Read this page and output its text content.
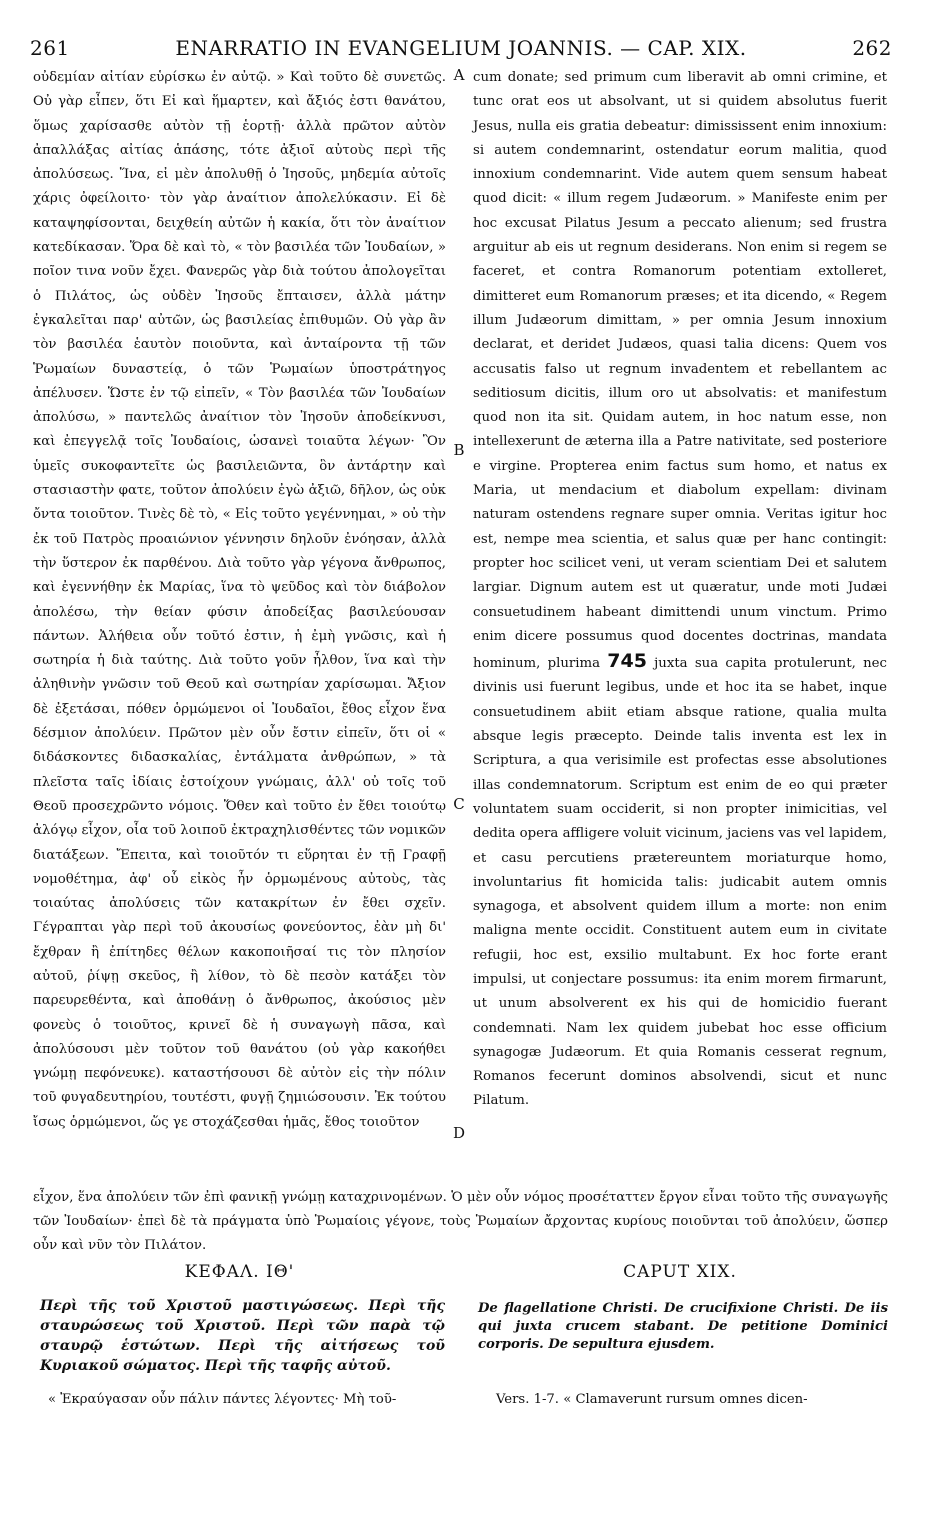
261	ENARRATIO IN EVANGELIUM JOANNIS. — CAP. XIX.	262

οὐδεμίαν αἰτίαν εὑρίσκω ἐν αὐτῷ. » Καὶ τοῦτο δὲ συνετῶς. Οὐ γὰρ εἶπεν, ὅτι Εἰ καὶ ἥμαρτεν, καὶ ἄξιός ἐστι θανάτου, ὅμως χαρίσασθε αὐτὸν τῇ ἑορτῇ· ἀλλὰ πρῶτον αὐτὸν ἀπαλλάξας αἰτίας ἁπάσης, τότε ἀξιοῖ αὐτοὺς περὶ τῆς ἀπολύσεως. Ἵνα, εἰ μὲν ἀπολυθῇ ὁ Ἰησοῦς, μηδεμία αὐτοῖς χάρις ὀφείλοιτο· τὸν γὰρ ἀναίτιον ἀπολελύκασιν. Εἰ δὲ καταψηφίσονται, δειχθείη αὐτῶν ἡ κακία, ὅτι τὸν ἀναίτιον κατεδίκασαν. Ὅρα δὲ καὶ τὸ, « τὸν βασιλέα τῶν Ἰουδαίων, » ποῖον τινα νοῦν ἔχει. Φανερῶς γὰρ διὰ τούτου ἀπολογεῖται ὁ Πιλάτος, ὡς οὐδὲν Ἰησοῦς ἔπταισεν, ἀλλὰ μάτην ἐγκαλεῖται παρ' αὐτῶν, ὡς βασιλείας ἐπιθυμῶν. Οὐ γὰρ ἂν τὸν βασιλέα ἑαυτὸν ποιοῦντα, καὶ ἀνταίροντα τῇ τῶν Ῥωμαίων δυναστείᾳ, ὁ τῶν Ῥωμαίων ὑποστράτηγος ἀπέλυσεν. Ὥστε ἐν τῷ εἰπεῖν, « Τὸν βασιλέα τῶν Ἰουδαίων ἀπολύσω, » παντελῶς ἀναίτιον τὸν Ἰησοῦν ἀποδείκνυσι, καὶ ἐπεγγελᾷ τοῖς Ἰουδαίοις, ὡσανεὶ τοιαῦτα λέγων· Ὃν ὑμεῖς συκοφαντεῖτε ὡς βασιλειῶντα, ὃν ἀντάρτην καὶ στασιαστὴν φατε, τοῦτον ἀπολύειν ἐγὼ ἀξιῶ, δῆλον, ὡς οὐκ ὄντα τοιοῦτον. Τινὲς δὲ τὸ, « Εἰς τοῦτο γεγέννημαι, » οὐ τὴν ἐκ τοῦ Πατρὸς προαιώνιον γέννησιν δηλοῦν ἐνόησαν, ἀλλὰ τὴν ὕστερον ἐκ παρθένου. Διὰ τοῦτο γὰρ γέγονα ἄνθρωπος, καὶ ἐγεννήθην ἐκ Μαρίας, ἵνα τὸ ψεῦδος καὶ τὸν διάβολον ἀπολέσω, τὴν θείαν φύσιν ἀποδείξας βασιλεύουσαν πάντων. Ἀλήθεια οὖν τοῦτό ἐστιν, ἡ ἐμὴ γνῶσις, καὶ ἡ σωτηρία ἡ διὰ ταύτης. Διὰ τοῦτο γοῦν ἦλθον, ἵνα καὶ τὴν ἀληθινὴν γνῶσιν τοῦ Θεοῦ καὶ σωτηρίαν χαρίσωμαι. Ἄξιον δὲ ἐξετάσαι, πόθεν ὁρμώμενοι οἱ Ἰουδαῖοι, ἔθος εἶχον ἕνα δέσμιον ἀπολύειν. Πρῶτον μὲν οὖν ἔστιν εἰπεῖν, ὅτι οἱ « διδάσκοντες διδασκαλίας, ἐντάλματα ἀνθρώπων, » τὰ πλεῖστα ταῖς ἰδίαις ἐστοίχουν γνώμαις, ἀλλ' οὐ τοῖς τοῦ Θεοῦ προσεχρῶντο νόμοις. Ὅθεν καὶ τοῦτο ἐν ἔθει τοιούτῳ ἀλόγῳ εἶχον, οἷα τοῦ λοιποῦ ἐκτραχηλισθέντες τῶν νομικῶν διατάξεων. Ἔπειτα, καὶ τοιοῦτόν τι εὕρηται ἐν τῇ Γραφῇ νομοθέτημα, ἀφ' οὗ εἰκὸς ἦν ὁρμωμένους αὐτοὺς, τὰς τοιαύτας ἀπολύσεις τῶν κατακρίτων ἐν ἔθει σχεῖν. Γέγραπται γὰρ περὶ τοῦ ἀκουσίως φονεύοντος, ἐὰν μὴ δι' ἔχθραν ἢ ἐπίτηδες θέλων κακοποιῆσαί τις τὸν πλησίον αὐτοῦ, ῥίψῃ σκεῦος, ἢ λίθον, τὸ δὲ πεσὸν κατάξει τὸν παρευρεθέντα, καὶ ἀποθάνῃ ὁ ἄνθρωπος, ἀκούσιος μὲν φονεὺς ὁ τοιοῦτος, κρινεῖ δὲ ἡ συναγωγὴ πᾶσα, καὶ ἀπολύσουσι μὲν τοῦτον τοῦ θανάτου (οὐ γὰρ κακοήθει γνώμῃ πεφόνευκε). καταστήσουσι δὲ αὐτὸν εἰς τὴν πόλιν τοῦ φυγαδευτηρίου, τουτέστι, φυγῇ ζημιώσουσιν. Ἐκ τούτου ἴσως ὁρμώμενοι, ὥς γε στοχάζεσθαι ἡμᾶς, ἔθος τοιοῦτον

A
B
C
D

cum donate; sed primum cum liberavit ab omni crimine, et tunc orat eos ut absolvant, ut si quidem absolutus fuerit Jesus, nulla eis gratia debeatur: dimississent enim innoxium: si autem condemnarint, ostendatur eorum malitia, quod innoxium condemnarint. Vide autem quem sensum habeat quod dicit: « illum regem Judæorum. » Manifeste enim per hoc excusat Pilatus Jesum a peccato alienum; sed frustra arguitur ab eis ut regnum desiderans. Non enim si regem se faceret, et contra Romanorum potentiam extolleret, dimitteret eum Romanorum præses; et ita dicendo, « Regem illum Judæorum dimittam, » per omnia Jesum innoxium declarat, et deridet Judæos, quasi talia dicens: Quem vos accusatis falso ut regnum invadentem et rebellantem ac seditiosum dicitis, illum oro ut absolvatis: et manifestum quod non ita sit. Quidam autem, in hoc natum esse, non intellexerunt de æterna illa a Patre nativitate, sed posteriore e virgine. Propterea enim factus sum homo, et natus ex Maria, ut mendacium et diabolum expellam: divinam naturam ostendens regnare super omnia. Veritas igitur hoc est, nempe mea scientia, et salus quæ per hanc contingit: propter hoc scilicet veni, ut veram scientiam Dei et salutem largiar. Dignum autem est ut quæratur, unde moti Judæi consuetudinem habeant dimittendi unum vinctum. Primo enim dicere possumus quod docentes doctrinas, mandata hominum, plurima 745 juxta sua capita protulerunt, nec divinis usi fuerunt legibus, unde et hoc ita se habet, inque consuetudinem abiit etiam absque ratione, qualia multa absque legis præcepto. Deinde talis inventa est lex in Scriptura, a qua verisimile est profectas esse absolutiones illas condemnatorum. Scriptum est enim de eo qui præter voluntatem suam occiderit, si non propter inimicitias, vel dedita opera affligere voluit vicinum, jaciens vas vel lapidem, et casu percutiens prætereuntem moriaturque homo, involuntarius fit homicida talis: judicabit autem omnis synagoga, et absolvent quidem illum a morte: non enim maligna mente occidit. Constituent autem eum in civitate refugii, hoc est, exsilio multabunt. Ex hoc forte erant impulsi, ut conjectare possumus: ita enim morem firmarunt, ut unum absolverent ex his qui de homicidio fuerant condemnati. Nam lex quidem jubebat hoc esse officium synagogæ Judæorum. Et quia Romanis cesserat regnum, Romanos fecerunt dominos absolvendi, sicut et nunc Pilatum.

εἶχον, ἕνα ἀπολύειν τῶν ἐπὶ φανικῇ γνώμῃ καταχρινομένων. Ὁ μὲν οὖν νόμος προσέταττεν ἔργον εἶναι τοῦτο τῆς συναγωγῆς τῶν Ἰουδαίων· ἐπεὶ δὲ τὰ πράγματα ὑπὸ Ῥωμαίοις γέγονε, τοὺς Ῥωμαίων ἄρχοντας κυρίους ποιοῦνται τοῦ ἀπολύειν, ὥσπερ οὖν καὶ νῦν τὸν Πιλάτον.
ΚΕΦΑΛ. ΙΘ'	CAPUT XIX.
Περὶ τῆς τοῦ Χριστοῦ μαστιγώσεως. Περὶ τῆς σταυρώσεως τοῦ Χριστοῦ. Περὶ τῶν παρὰ τῷ σταυρῷ ἑστώτων. Περὶ τῆς αἰτήσεως τοῦ Κυριακοῦ σώματος. Περὶ τῆς ταφῆς αὐτοῦ.
De flagellatione Christi. De crucifixione Christi. De iis qui juxta crucem stabant. De petitione Dominici corporis. De sepultura ejusdem.
« Ἐκραύγασαν οὖν πάλιν πάντες λέγοντες· Μὴ τοῦ-	Vers. 1-7. « Clamaverunt rursum omnes dicen-
